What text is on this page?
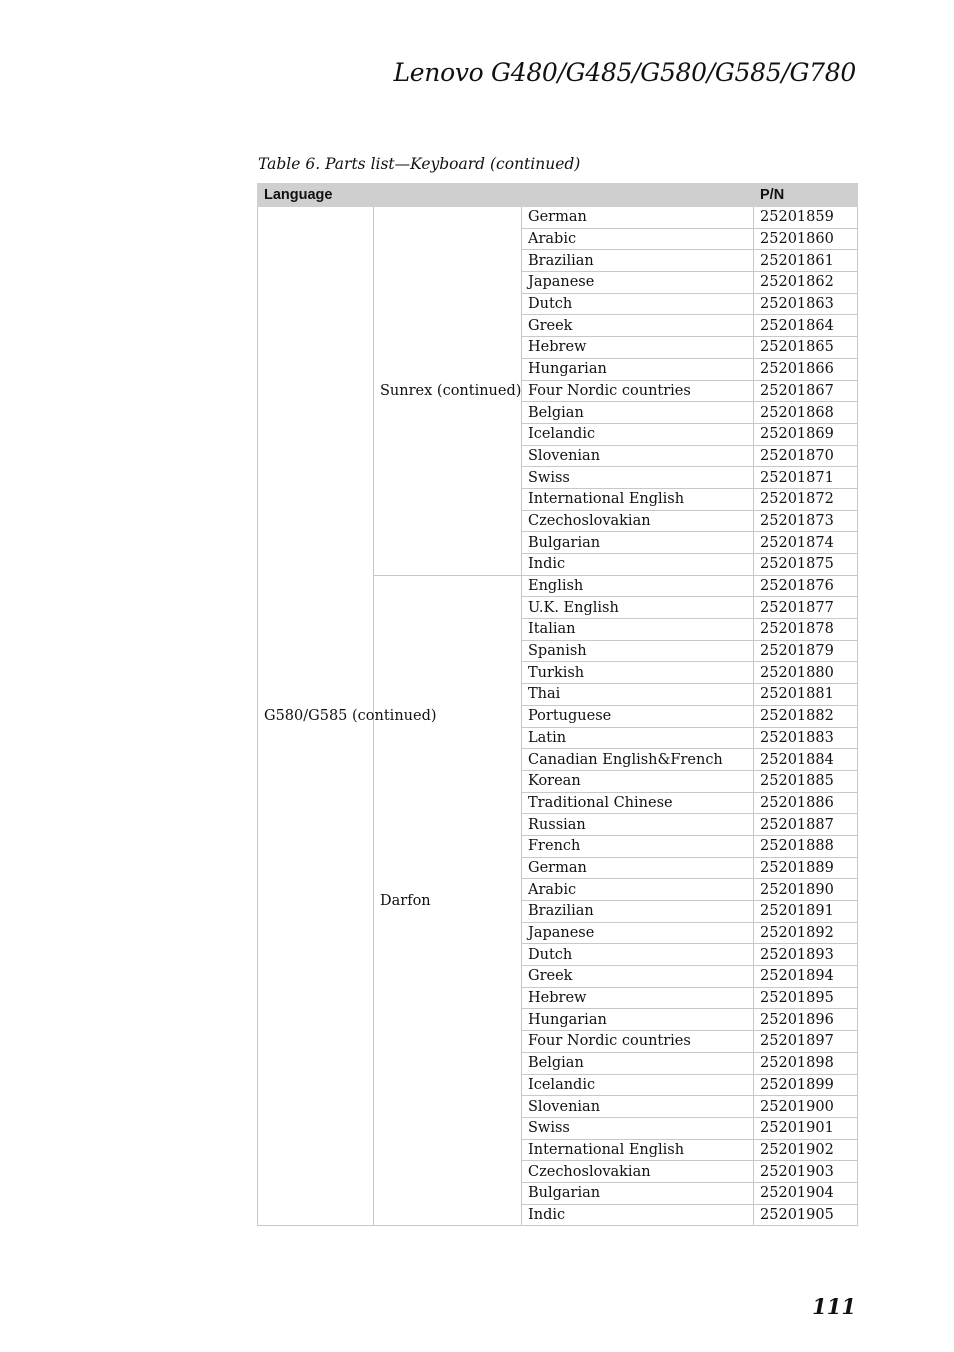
Lenovo G480/G485/G580/G585/G780
Table 6. Parts list—Keyboard (continued)
Language			P/N
G580/G585 (continued)	Sunrex (continued)	German	25201859
		Arabic	25201860
		Brazilian	25201861
		Japanese	25201862
		Dutch	25201863
		Greek	25201864
		Hebrew	25201865
		Hungarian	25201866
		Four Nordic countries	25201867
		Belgian	25201868
		Icelandic	25201869
		Slovenian	25201870
		Swiss	25201871
		International English	25201872
		Czechoslovakian	25201873
		Bulgarian	25201874
		Indic	25201875
	Darfon	English	25201876
		U.K. English	25201877
		Italian	25201878
		Spanish	25201879
		Turkish	25201880
		Thai	25201881
		Portuguese	25201882
		Latin	25201883
		Canadian English&French	25201884
		Korean	25201885
		Traditional Chinese	25201886
		Russian	25201887
		French	25201888
		German	25201889
		Arabic	25201890
		Brazilian	25201891
		Japanese	25201892
		Dutch	25201893
		Greek	25201894
		Hebrew	25201895
		Hungarian	25201896
		Four Nordic countries	25201897
		Belgian	25201898
		Icelandic	25201899
		Slovenian	25201900
		Swiss	25201901
		International English	25201902
		Czechoslovakian	25201903
		Bulgarian	25201904
		Indic	25201905
111
